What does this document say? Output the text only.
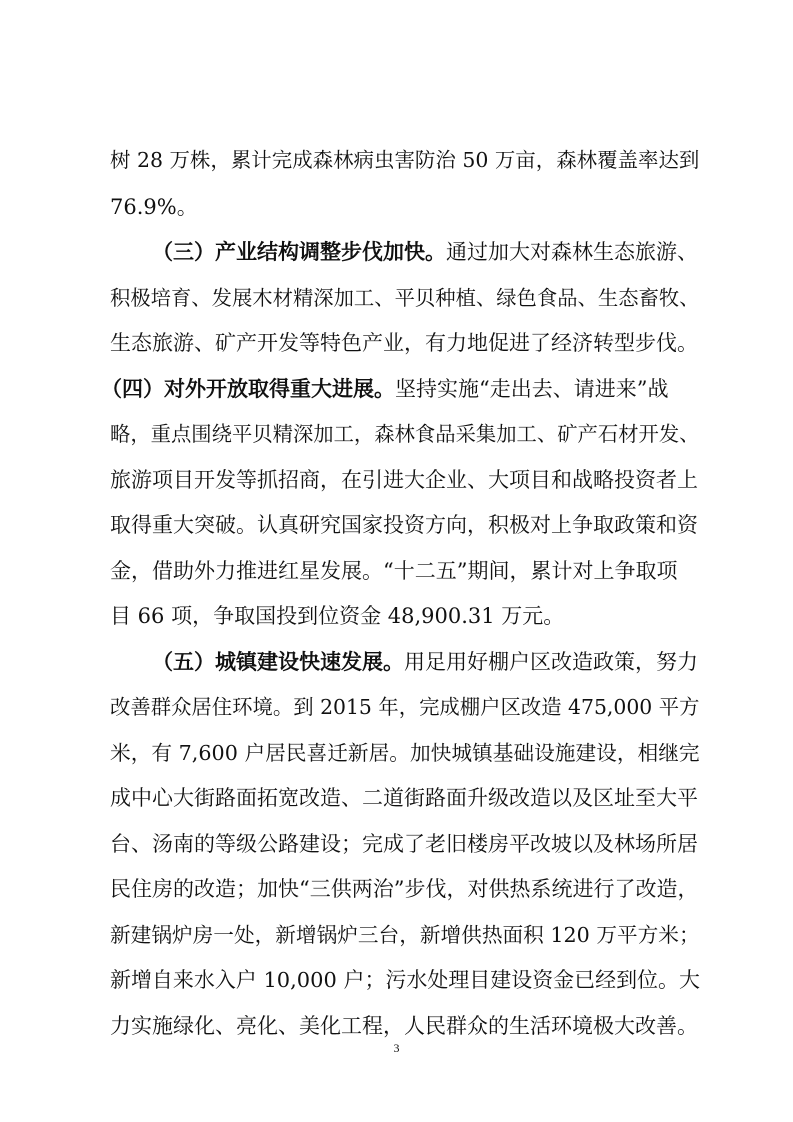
树 28 万株，累计完成森林病虫害防治 50 万亩，森林覆盖率达到
76.9%。
（三）产业结构调整步伐加快。通过加大对森林生态旅游、
积极培育、发展木材精深加工、平贝种植、绿色食品、生态畜牧、
生态旅游、矿产开发等特色产业，有力地促进了经济转型步伐。
（四）对外开放取得重大进展。坚持实施“走出去、请进来”战
略，重点围绕平贝精深加工，森林食品采集加工、矿产石材开发、
旅游项目开发等抓招商，在引进大企业、大项目和战略投资者上
取得重大突破。认真研究国家投资方向，积极对上争取政策和资
金，借助外力推进红星发展。“十二五”期间，累计对上争取项
目 66 项，争取国投到位资金 48,900.31 万元。
（五）城镇建设快速发展。用足用好棚户区改造政策，努力
改善群众居住环境。到 2015 年，完成棚户区改造 475,000 平方
米，有 7,600 户居民喜迁新居。加快城镇基础设施建设，相继完
成中心大街路面拓宽改造、二道街路面升级改造以及区址至大平
台、汤南的等级公路建设；完成了老旧楼房平改坡以及林场所居
民住房的改造；加快“三供两治”步伐，对供热系统进行了改造，
新建锅炉房一处，新增锅炉三台，新增供热面积 120 万平方米；
新增自来水入户 10,000 户；污水处理目建设资金已经到位。大
力实施绿化、亮化、美化工程，人民群众的生活环境极大改善。
3
